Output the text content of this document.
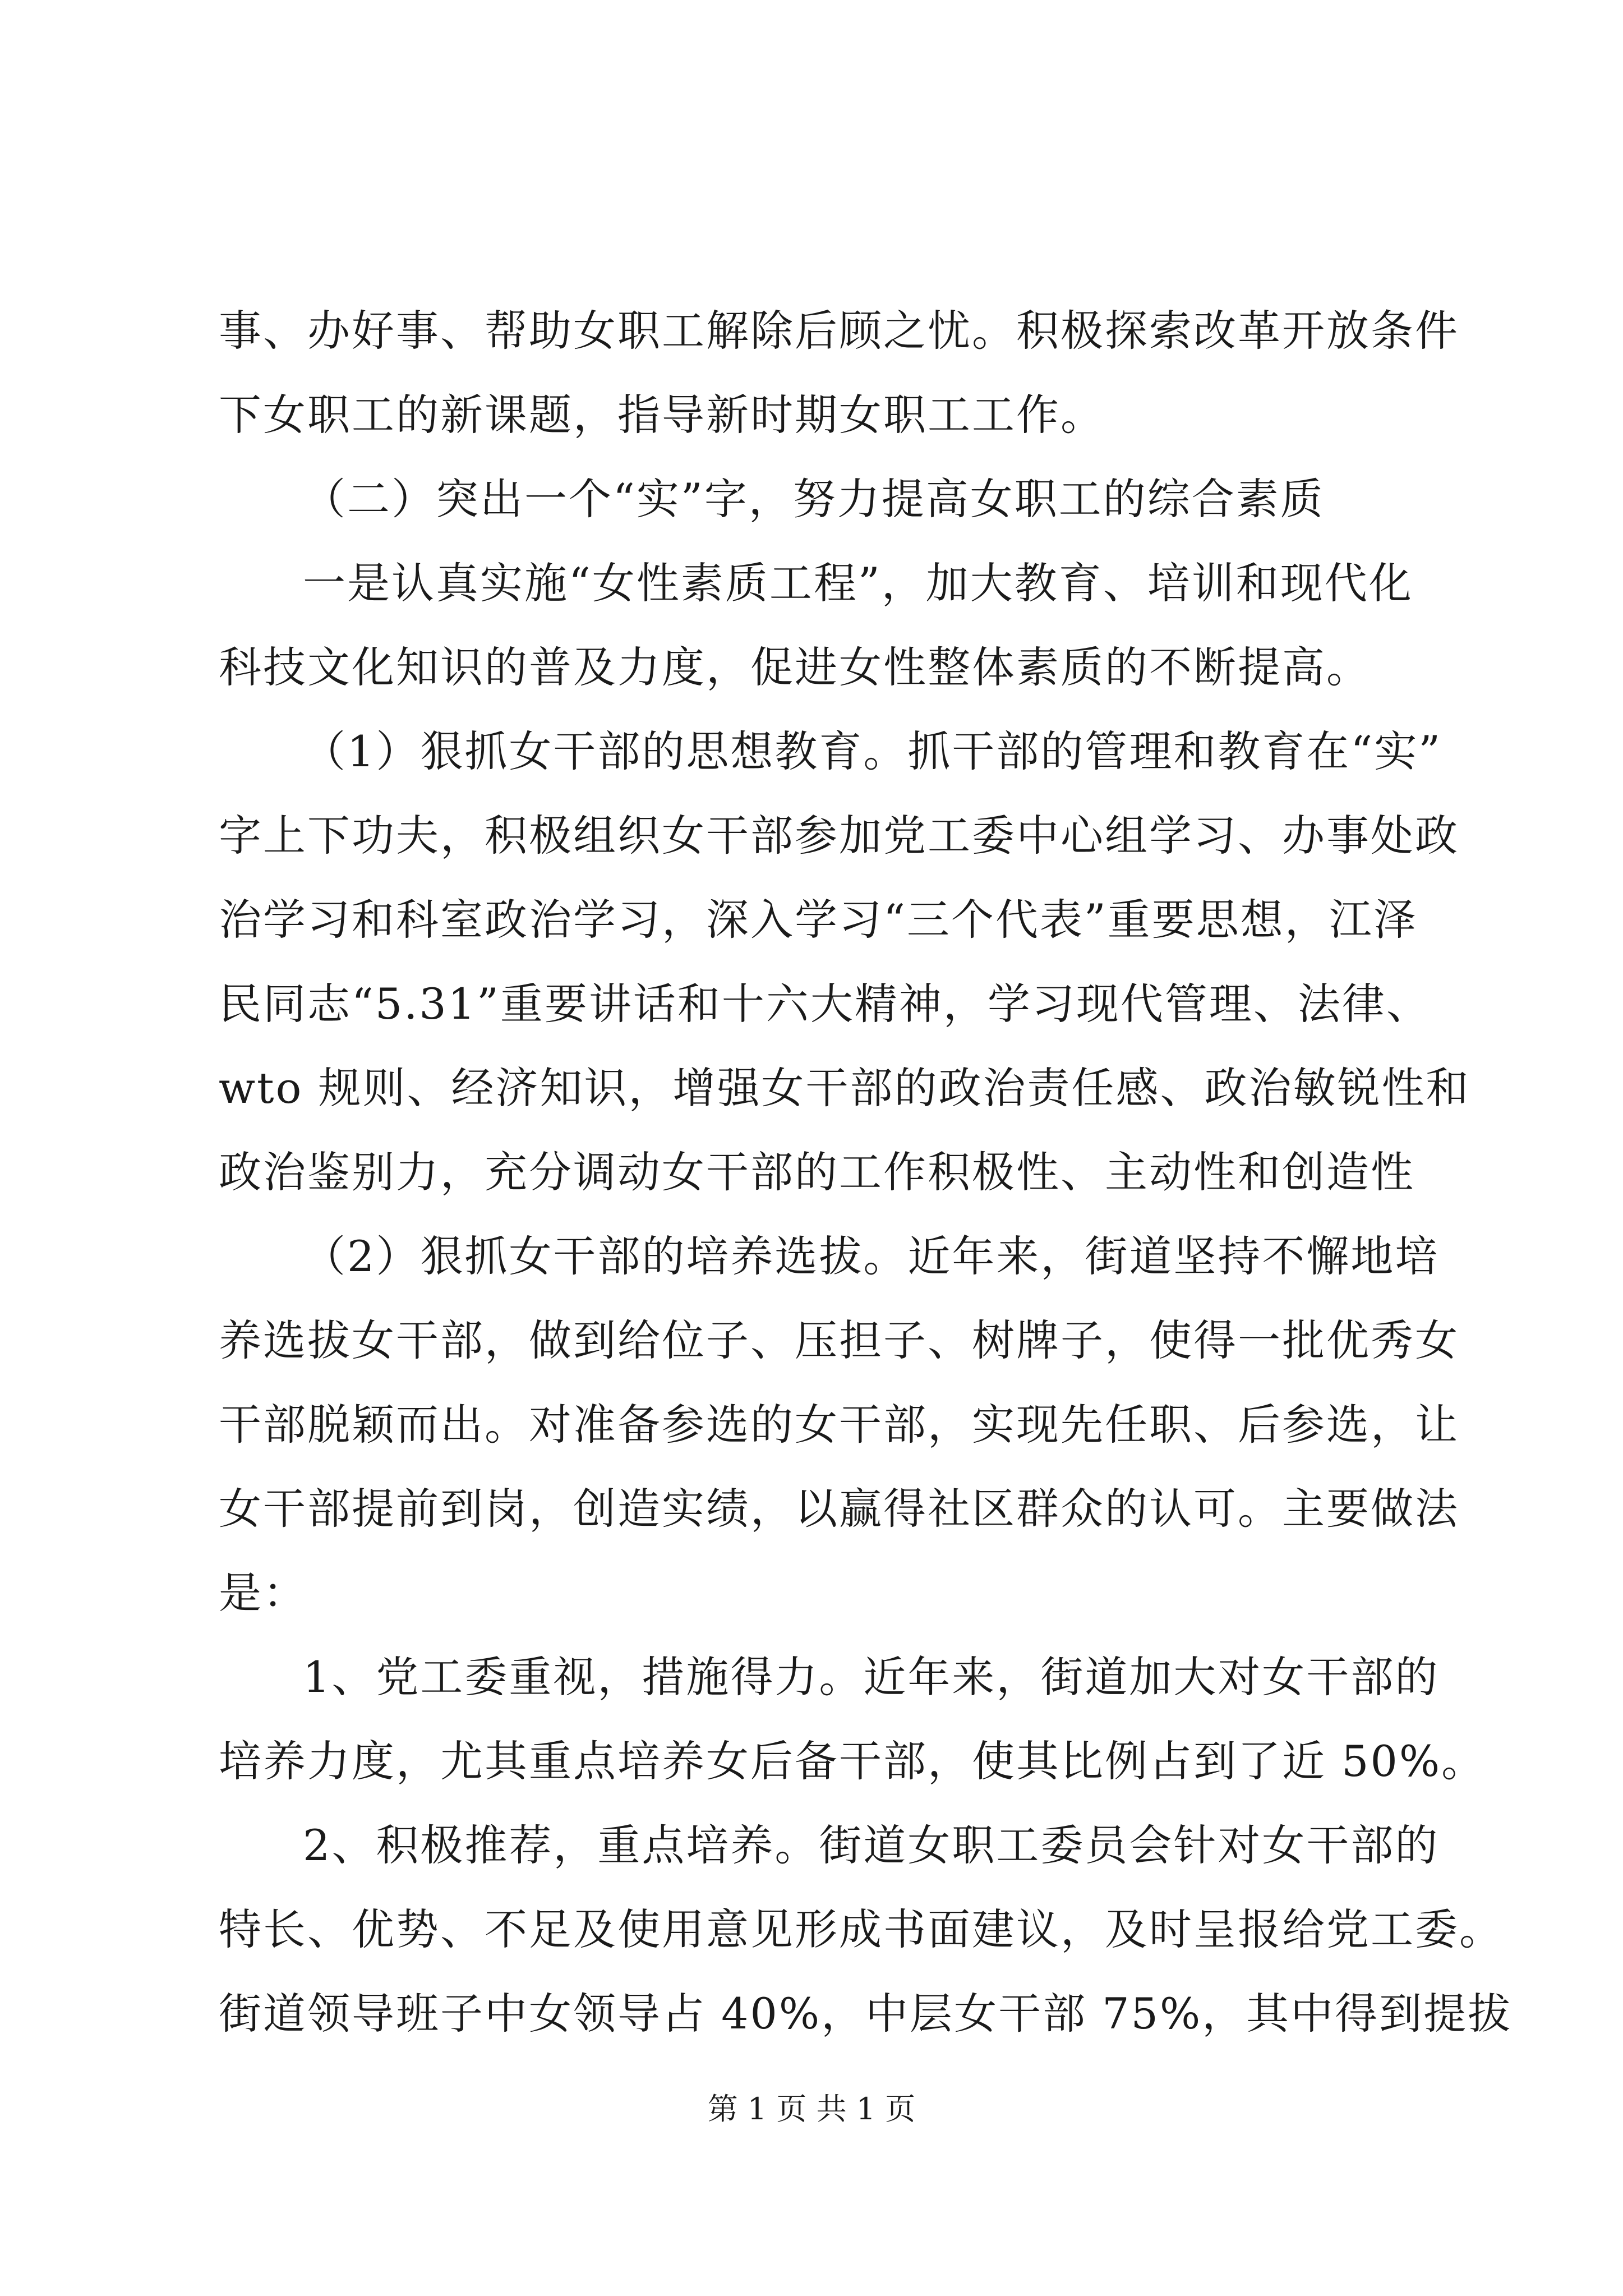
事、办好事、帮助女职工解除后顾之忧。积极探索改革开放条件
下女职工的新课题，指导新时期女职工工作。
（二）突出一个“实”字，努力提高女职工的综合素质
一是认真实施“女性素质工程”，加大教育、培训和现代化
科技文化知识的普及力度，促进女性整体素质的不断提高。
（1）狠抓女干部的思想教育。抓干部的管理和教育在“实”
字上下功夫，积极组织女干部参加党工委中心组学习、办事处政
治学习和科室政治学习，深入学习“三个代表”重要思想，江泽
民同志“5.31”重要讲话和十六大精神，学习现代管理、法律、
wto 规则、经济知识，增强女干部的政治责任感、政治敏锐性和
政治鉴别力，充分调动女干部的工作积极性、主动性和创造性
（2）狠抓女干部的培养选拔。近年来，街道坚持不懈地培
养选拔女干部，做到给位子、压担子、树牌子，使得一批优秀女
干部脱颖而出。对准备参选的女干部，实现先任职、后参选，让
女干部提前到岗，创造实绩，以赢得社区群众的认可。主要做法
是：
1、党工委重视，措施得力。近年来，街道加大对女干部的
培养力度，尤其重点培养女后备干部，使其比例占到了近 50%。
2、积极推荐，重点培养。街道女职工委员会针对女干部的
特长、优势、不足及使用意见形成书面建议，及时呈报给党工委。
街道领导班子中女领导占 40%，中层女干部 75%，其中得到提拔
第 1 页 共 1 页
